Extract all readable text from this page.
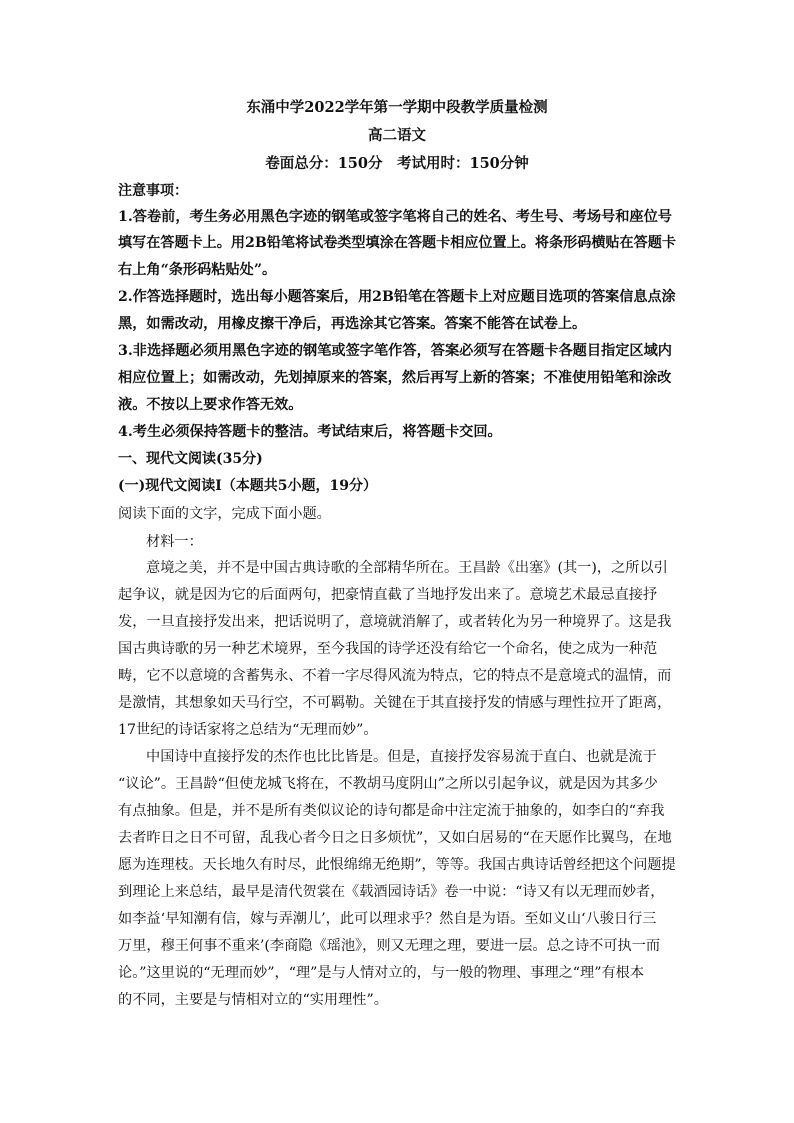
东涌中学2022学年第一学期中段教学质量检测
高二语文
卷面总分：150分　考试用时：150分钟
注意事项：
1.答卷前，考生务必用黑色字迹的钢笔或签字笔将自己的姓名、考生号、考场号和座位号
填写在答题卡上。用2B铅笔将试卷类型填涂在答题卡相应位置上。将条形码横贴在答题卡
右上角“条形码粘贴处”。
2.作答选择题时，选出每小题答案后，用2B铅笔在答题卡上对应题目选项的答案信息点涂
黑，如需改动，用橡皮擦干净后，再选涂其它答案。答案不能答在试卷上。
3.非选择题必须用黑色字迹的钢笔或签字笔作答，答案必须写在答题卡各题目指定区域内
相应位置上；如需改动，先划掉原来的答案，然后再写上新的答案；不准使用铅笔和涂改
液。不按以上要求作答无效。
4.考生必须保持答题卡的整洁。考试结束后，将答题卡交回。
一、现代文阅读(35分)
(一)现代文阅读Ⅰ（本题共5小题，19分）
阅读下面的文字，完成下面小题。
材料一：
意境之美，并不是中国古典诗歌的全部精华所在。王昌龄《出塞》(其一)，之所以引
起争议，就是因为它的后面两句，把豪情直截了当地抒发出来了。意境艺术最忌直接抒
发，一旦直接抒发出来，把话说明了，意境就消解了，或者转化为另一种境界了。这是我
国古典诗歌的另一种艺术境界，至今我国的诗学还没有给它一个命名，使之成为一种范
畴，它不以意境的含蓄隽永、不着一字尽得风流为特点，它的特点不是意境式的温情，而
是激情，其想象如天马行空，不可羁勒。关键在于其直接抒发的情感与理性拉开了距离，
17世纪的诗话家将之总结为“无理而妙”。
中国诗中直接抒发的杰作也比比皆是。但是，直接抒发容易流于直白、也就是流于
“议论”。王昌龄“但使龙城飞将在，不教胡马度阴山”之所以引起争议，就是因为其多少
有点抽象。但是，并不是所有类似议论的诗句都是命中注定流于抽象的，如李白的“弃我
去者昨日之日不可留，乱我心者今日之日多烦忧”，又如白居易的“在天愿作比翼鸟，在地
愿为连理枝。天长地久有时尽，此恨绵绵无绝期”，等等。我国古典诗话曾经把这个问题提
到理论上来总结，最早是清代贺裳在《载酒园诗话》卷一中说：“诗又有以无理而妙者，
如李益‘早知潮有信，嫁与弄潮儿’，此可以理求乎？然自是为语。至如义山‘八骏日行三
万里，穆王何事不重来’(李商隐《瑶池》，则又无理之理，要进一层。总之诗不可执一而
论。”这里说的“无理而妙”，“理”是与人情对立的，与一般的物理、事理之“理”有根本
的不同，主要是与情相对立的“实用理性”。
